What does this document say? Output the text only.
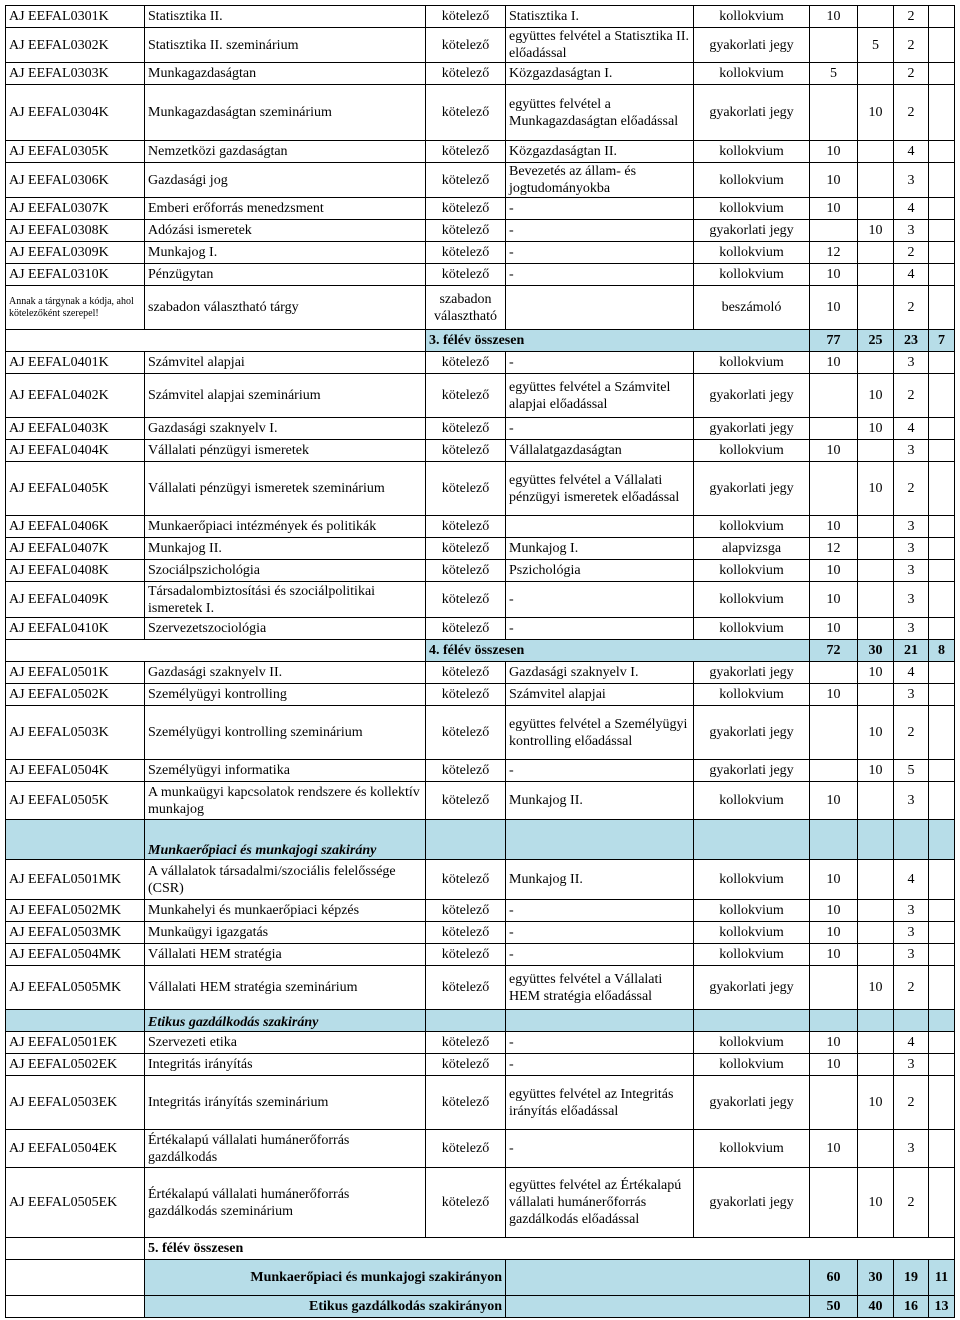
AJ EEFAL0301K	Statisztika II.	kötelező	Statisztika I.	kollokvium	10		2	
AJ EEFAL0302K	Statisztika II. szeminárium	kötelező	együttes felvétel a Statisztika II. előadással	gyakorlati jegy		5	2	
AJ EEFAL0303K	Munkagazdaságtan	kötelező	Közgazdaságtan I.	kollokvium	5		2	
AJ EEFAL0304K	Munkagazdaságtan szeminárium	kötelező	együttes felvétel a Munkagazdaságtan előadással	gyakorlati jegy		10	2	
AJ EEFAL0305K	Nemzetközi gazdaságtan	kötelező	Közgazdaságtan II.	kollokvium	10		4	
AJ EEFAL0306K	Gazdasági jog	kötelező	Bevezetés az állam- és jogtudományokba	kollokvium	10		3	
AJ EEFAL0307K	Emberi erőforrás menedzsment	kötelező	-	kollokvium	10		4	
AJ EEFAL0308K	Adózási ismeretek	kötelező	-	gyakorlati jegy		10	3	
AJ EEFAL0309K	Munkajog I.	kötelező	-	kollokvium	12		2	
AJ EEFAL0310K	Pénzügytan	kötelező	-	kollokvium	10		4	
Annak a tárgynak a kódja, ahol kötelezőként szerepel!	szabadon választható tárgy	szabadon választható		beszámoló	10		2	
		3. félév összesen			77	25	23	7
AJ EEFAL0401K	Számvitel alapjai	kötelező	-	kollokvium	10		3	
AJ EEFAL0402K	Számvitel alapjai szeminárium	kötelező	együttes felvétel a Számvitel alapjai előadással	gyakorlati jegy		10	2	
AJ EEFAL0403K	Gazdasági szaknyelv I.	kötelező	-	gyakorlati jegy		10	4	
AJ EEFAL0404K	Vállalati pénzügyi ismeretek	kötelező	Vállalatgazdaságtan	kollokvium	10		3	
AJ EEFAL0405K	Vállalati pénzügyi ismeretek szeminárium	kötelező	együttes felvétel a Vállalati pénzügyi ismeretek előadással	gyakorlati jegy		10	2	
AJ EEFAL0406K	Munkaerőpiaci intézmények és politikák	kötelező		kollokvium	10		3	
AJ EEFAL0407K	Munkajog II.	kötelező	Munkajog I.	alapvizsga	12		3	
AJ EEFAL0408K	Szociálpszichológia	kötelező	Pszichológia	kollokvium	10		3	
AJ EEFAL0409K	Társadalombiztosítási és szociálpolitikai ismeretek I.	kötelező	-	kollokvium	10		3	
AJ EEFAL0410K	Szervezetszociológia	kötelező	-	kollokvium	10		3	
		4. félév összesen			72	30	21	8
AJ EEFAL0501K	Gazdasági szaknyelv II.	kötelező	Gazdasági szaknyelv I.	gyakorlati jegy		10	4	
AJ EEFAL0502K	Személyügyi kontrolling	kötelező	Számvitel alapjai	kollokvium	10		3	
AJ EEFAL0503K	Személyügyi kontrolling szeminárium	kötelező	együttes felvétel a Személyügyi kontrolling előadással	gyakorlati jegy		10	2	
AJ EEFAL0504K	Személyügyi informatika	kötelező	-	gyakorlati jegy		10	5	
AJ EEFAL0505K	A munkaügyi kapcsolatok rendszere és kollektív munkajog	kötelező	Munkajog II.	kollokvium	10		3	
	Munkaerőpiaci és munkajogi szakirány							
AJ EEFAL0501MK	A vállalatok társadalmi/szociális felelőssége (CSR)	kötelező	Munkajog II.	kollokvium	10		4	
AJ EEFAL0502MK	Munkahelyi és munkaerőpiaci képzés	kötelező	-	kollokvium	10		3	
AJ EEFAL0503MK	Munkaügyi igazgatás	kötelező	-	kollokvium	10		3	
AJ EEFAL0504MK	Vállalati HEM stratégia	kötelező	-	kollokvium	10		3	
AJ EEFAL0505MK	Vállalati HEM stratégia szeminárium	kötelező	együttes felvétel a Vállalati HEM stratégia előadással	gyakorlati jegy		10	2	
	Etikus gazdálkodás szakirány							
AJ EEFAL0501EK	Szervezeti etika	kötelező	-	kollokvium	10		4	
AJ EEFAL0502EK	Integritás irányítás	kötelező	-	kollokvium	10		3	
AJ EEFAL0503EK	Integritás irányítás szeminárium	kötelező	együttes felvétel az Integritás irányítás előadással	gyakorlati jegy		10	2	
AJ EEFAL0504EK	Értékalapú vállalati humánerőforrás gazdálkodás	kötelező	-	kollokvium	10		3	
AJ EEFAL0505EK	Értékalapú vállalati humánerőforrás gazdálkodás szeminárium	kötelező	együttes felvétel az Értékalapú vállalati humánerőforrás gazdálkodás előadással	gyakorlati jegy		10	2	
	5. félév összesen							
	Munkaerőpiaci és munkajogi szakirányon				60	30	19	11
	Etikus gazdálkodás szakirányon				50	40	16	13
